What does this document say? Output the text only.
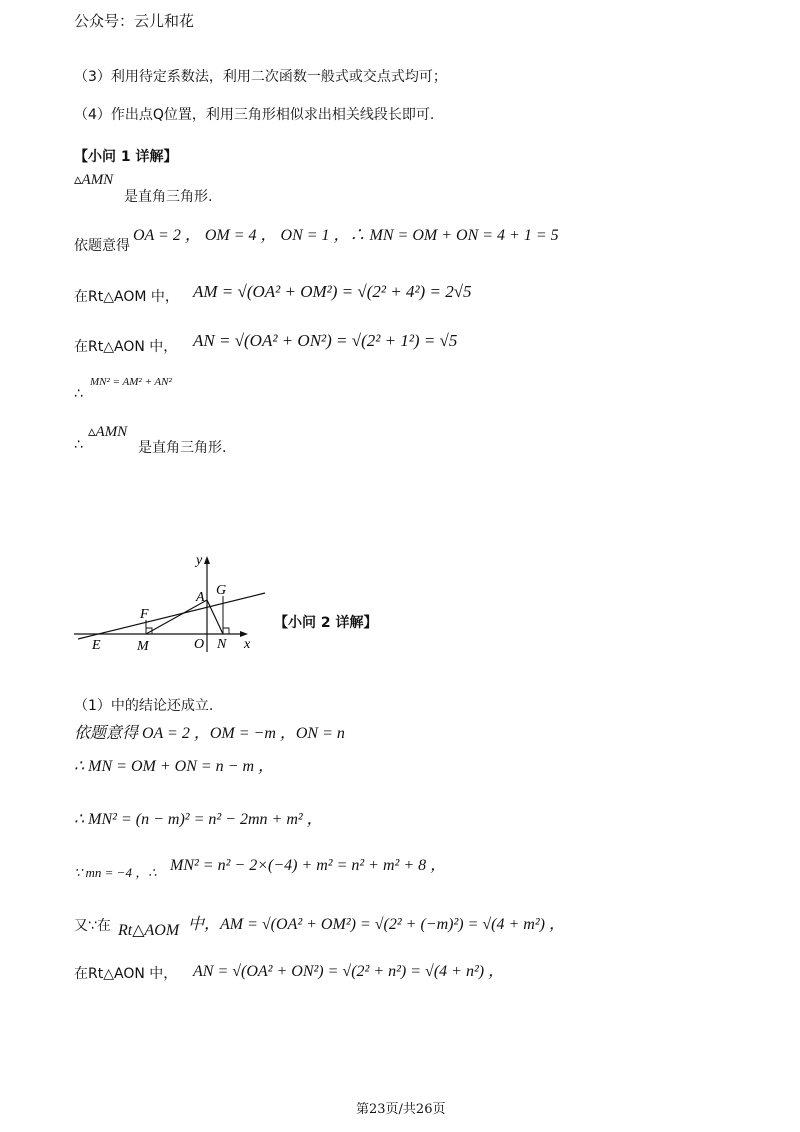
公众号：云儿和花
（3）利用待定系数法，利用二次函数一般式或交点式均可；
（4）作出点Q位置，利用三角形相似求出相关线段长即可.
【小问 1 详解】
▵AMN
是直角三角形.
依题意得
OA = 2 ， OM = 4 ， ON = 1 ，∴ MN = OM + ON = 4 + 1 = 5
在Rt△AOM 中， AM = √(OA² + OM²) = √(2² + 4²) = 2√5
在Rt△AON 中， AN = √(OA² + ON²) = √(2² + 1²) = √5
MN² = AM² + AN²
∴
∴
▵AMN
是直角三角形.
y
x
G
A
F
E	M	O N
【小问 2 详解】
（1）中的结论还成立.
依题意得 OA = 2 ，OM = −m ，ON = n
∴ MN = OM + ON = n − m ，
∴ MN² = (n − m)² = n² − 2mn + m² ，
∵ mn = −4 ，∴ MN² = n² − 2×(−4) + m² = n² + m² + 8 ，
又∵在 Rt△AOM 中，AM = √(OA² + OM²) = √(2² + (−m)²) = √(4 + m²) ，
在Rt△AON 中， AN = √(OA² + ON²) = √(2² + n²) = √(4 + n²) ，
第23页/共26页
